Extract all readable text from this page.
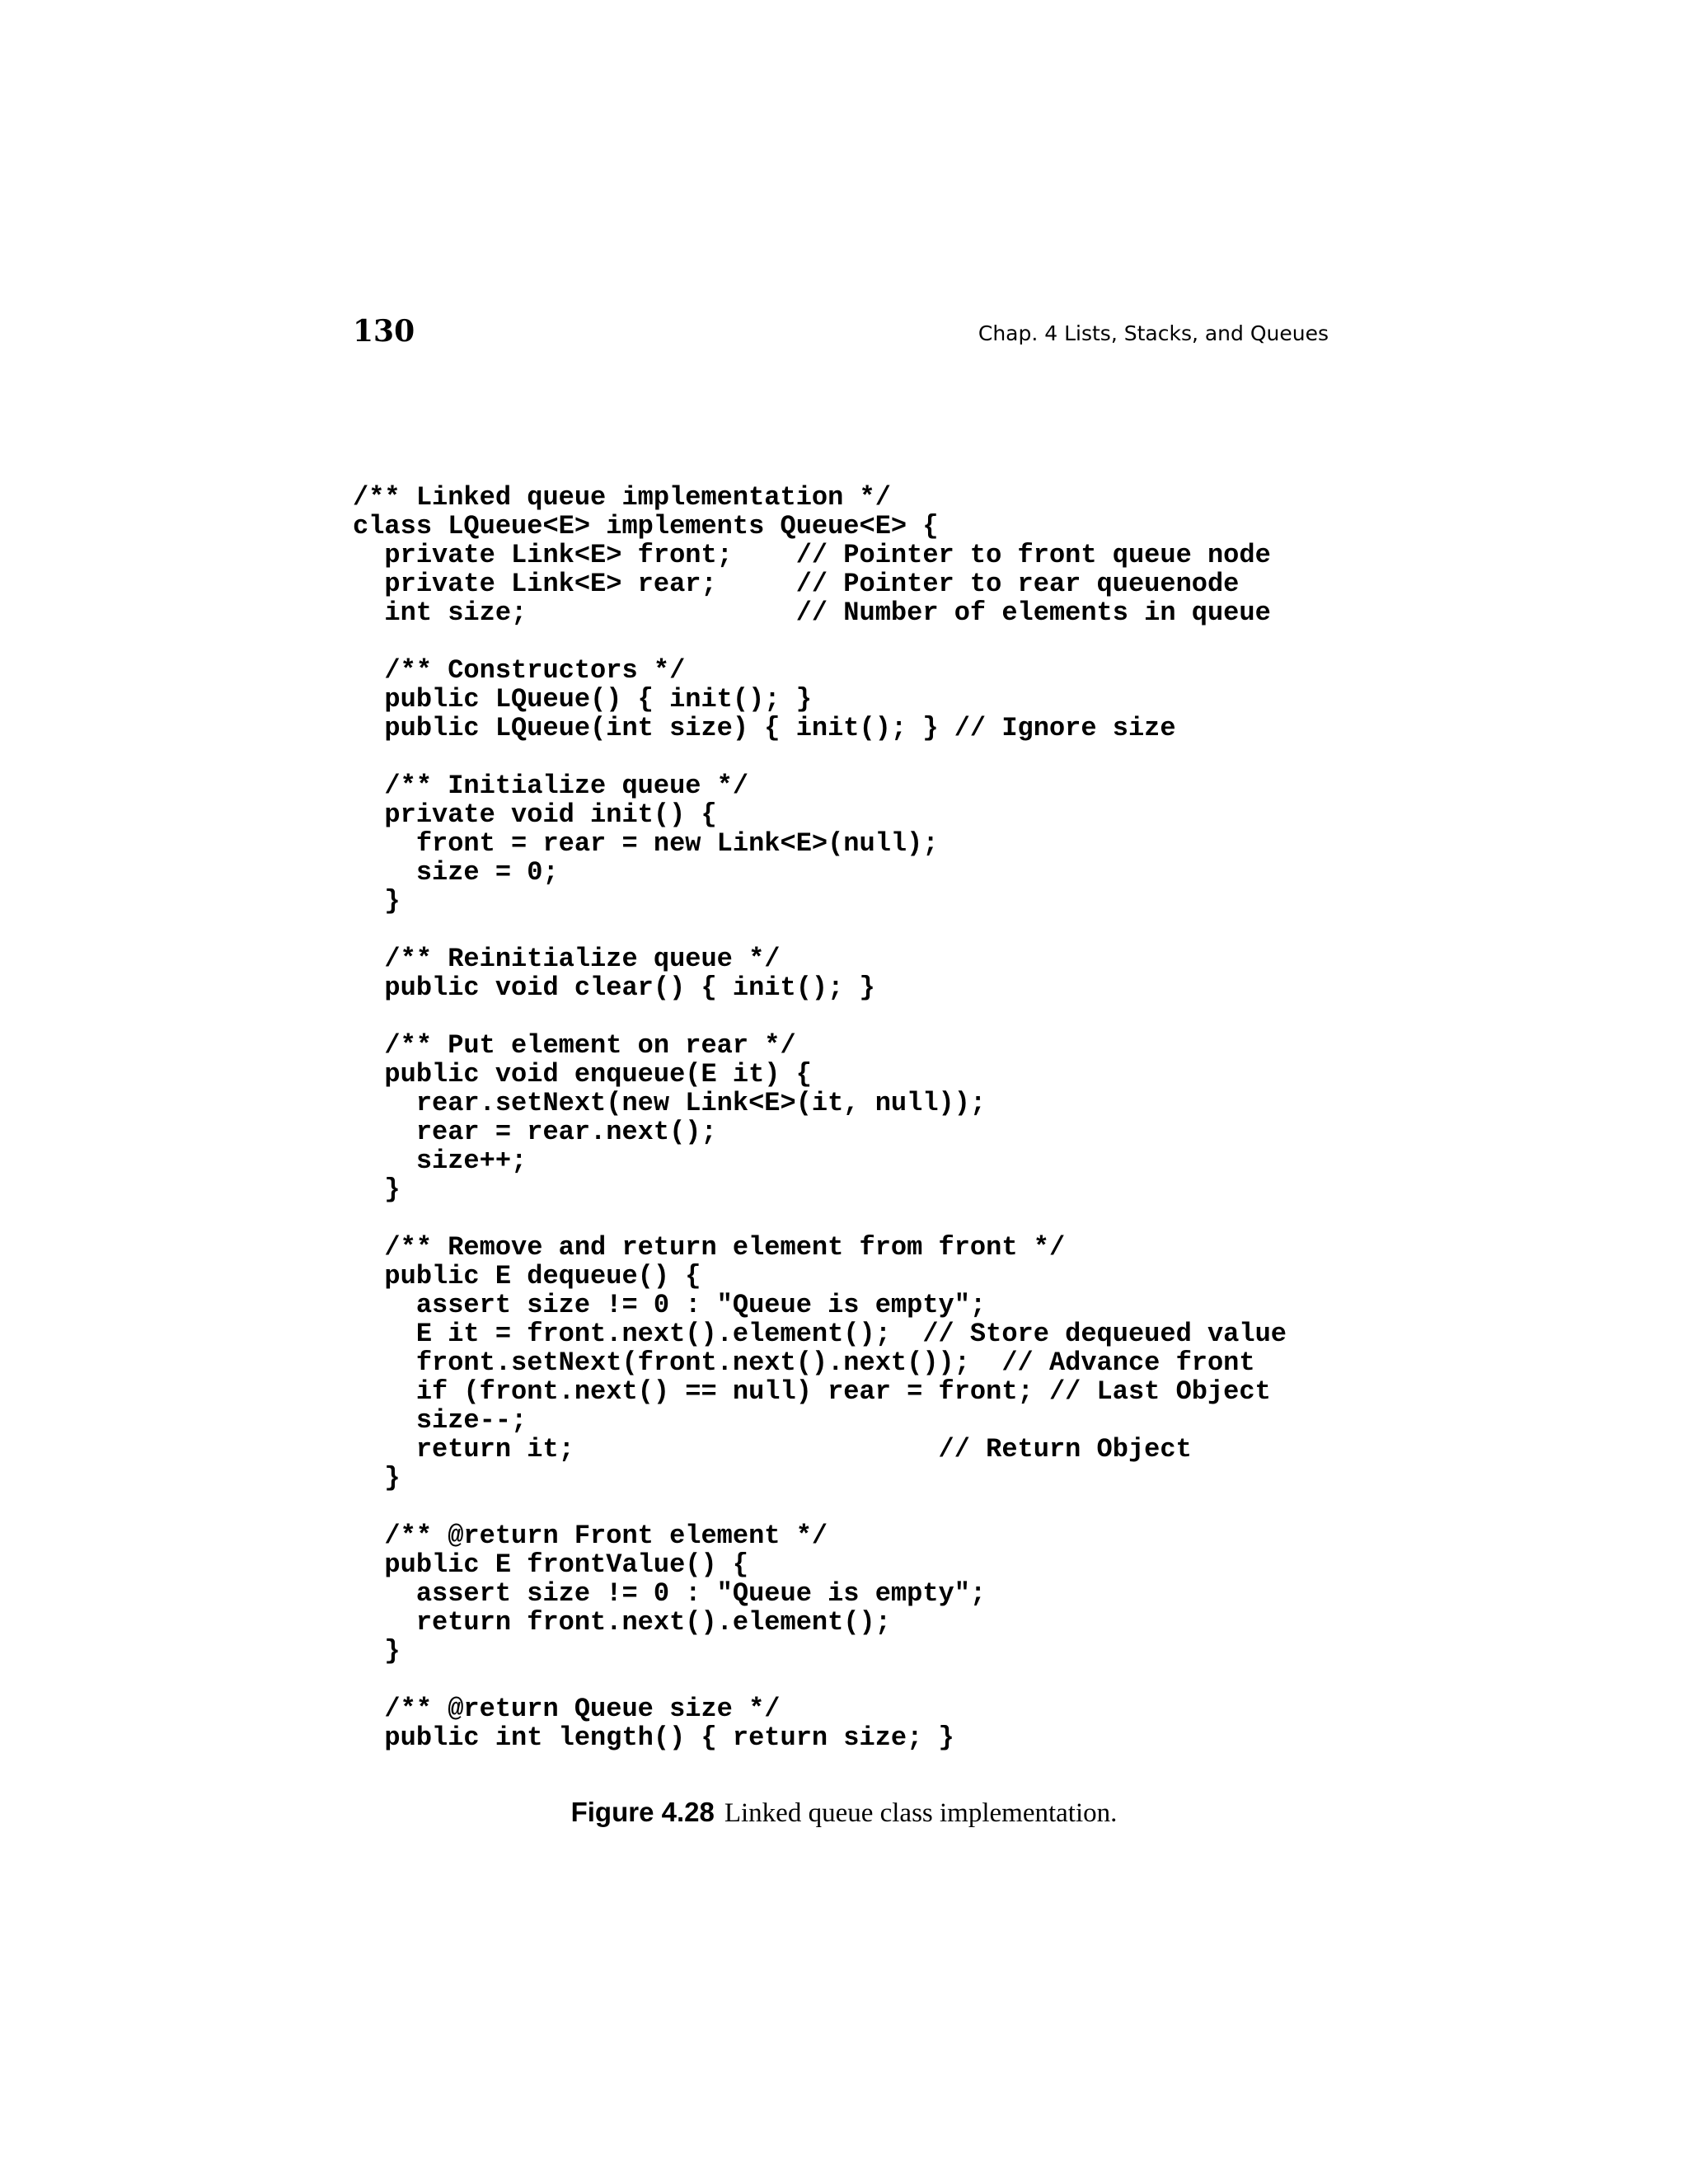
130	Chap. 4 Lists, Stacks, and Queues
/** Linked queue implementation */
class LQueue<E> implements Queue<E> {
private Link<E> front;    // Pointer to front queue node
private Link<E> rear;     // Pointer to rear queuenode
int size;                 // Number of elements in queue
/** Constructors */
public LQueue() { init(); }
public LQueue(int size) { init(); } // Ignore size
/** Initialize queue */
private void init() {
front = rear = new Link<E>(null);
size = 0;
}
/** Reinitialize queue */
public void clear() { init(); }
/** Put element on rear */
public void enqueue(E it) {
rear.setNext(new Link<E>(it, null));
rear = rear.next();
size++;
}
/** Remove and return element from front */
public E dequeue() {
assert size != 0 : "Queue is empty";
E it = front.next().element();  // Store dequeued value
front.setNext(front.next().next());  // Advance front
if (front.next() == null) rear = front; // Last Object
size--;
return it;                       // Return Object
}
/** @return Front element */
public E frontValue() {
assert size != 0 : "Queue is empty";
return front.next().element();
}
/** @return Queue size */
public int length() { return size; }
Figure 4.28 Linked queue class implementation.
